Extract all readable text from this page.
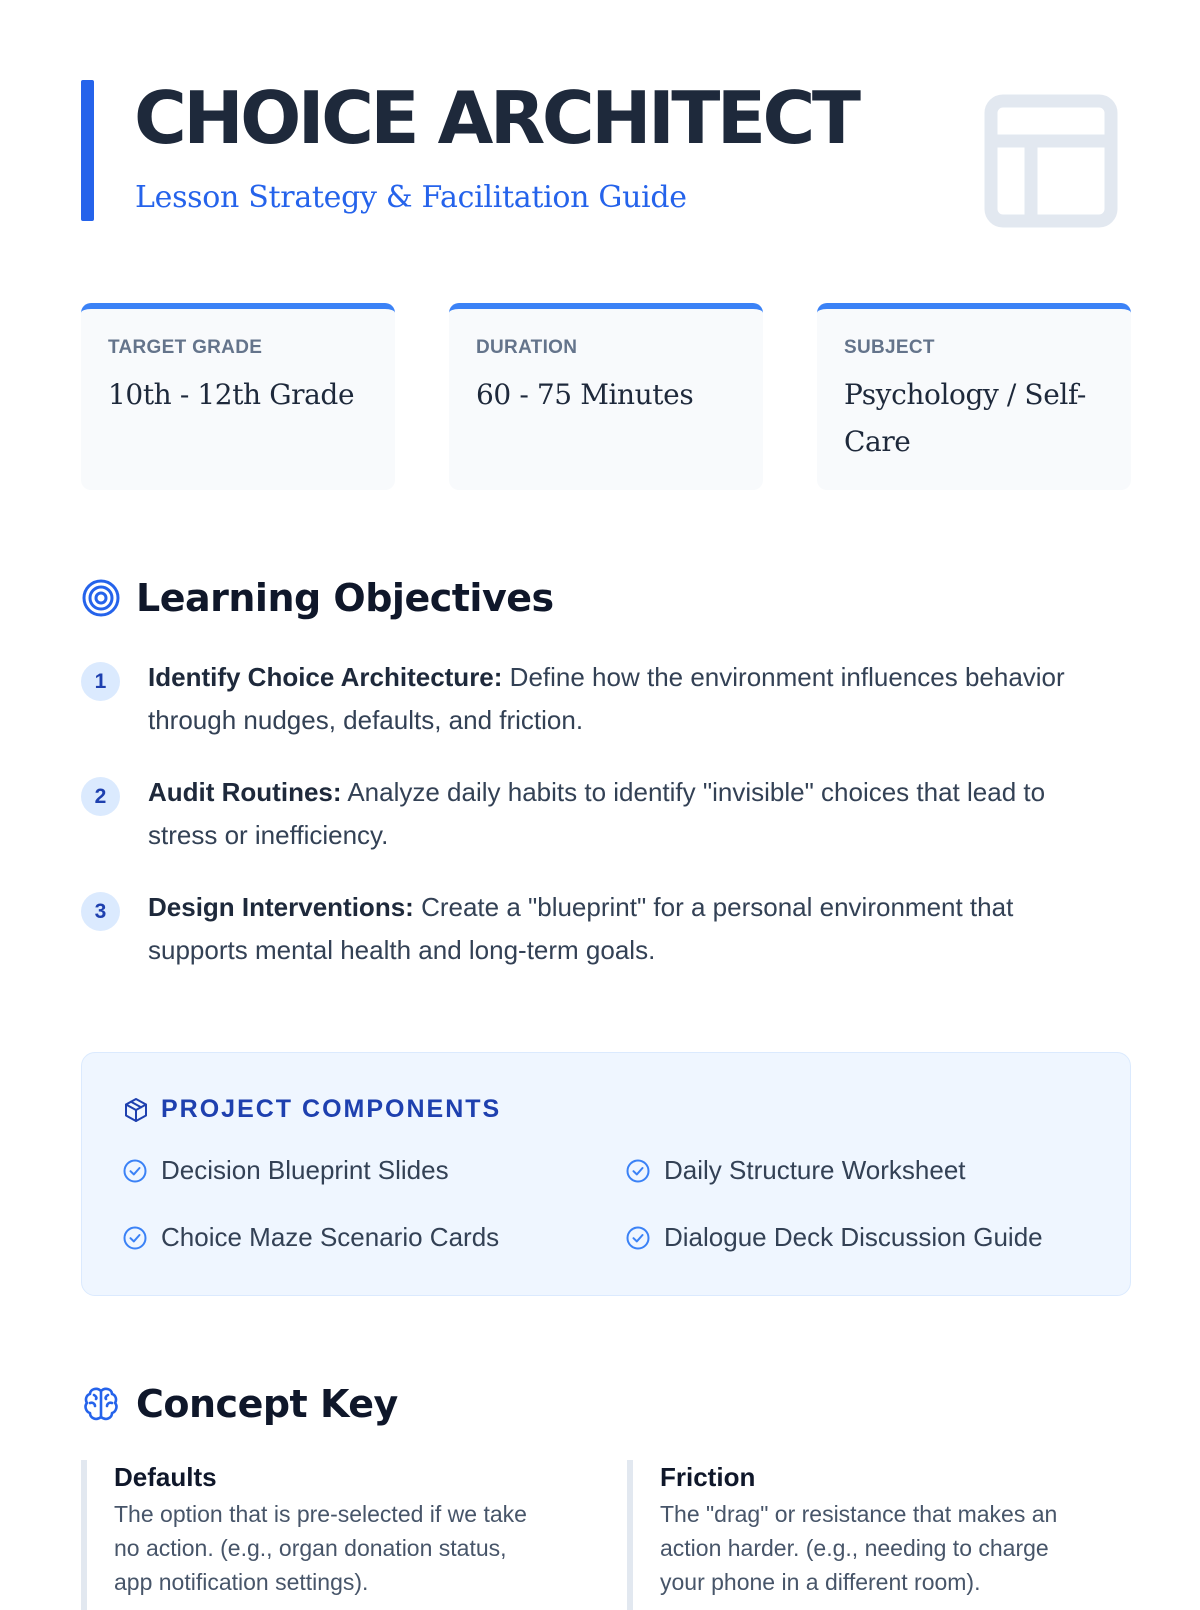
CHOICE ARCHITECT

Lesson Strategy & Facilitation Guide

TARGET GRADE
10th - 12th Grade
DURATION
60 - 75 Minutes
SUBJECT
Psychology / Self-Care
Learning Objectives
1	Identify Choice Architecture: Define how the environment influences behavior through nudges, defaults, and friction.
2	Audit Routines: Analyze daily habits to identify "invisible" choices that lead to stress or inefficiency.
3	Design Interventions: Create a "blueprint" for a personal environment that supports mental health and long-term goals.
PROJECT COMPONENTS
Decision Blueprint Slides	Daily Structure Worksheet
Choice Maze Scenario Cards	Dialogue Deck Discussion Guide
Concept Key
Defaults
The option that is pre-selected if we take no action. (e.g., organ donation status, app notification settings).
Friction
The "drag" or resistance that makes an action harder. (e.g., needing to charge your phone in a different room).
